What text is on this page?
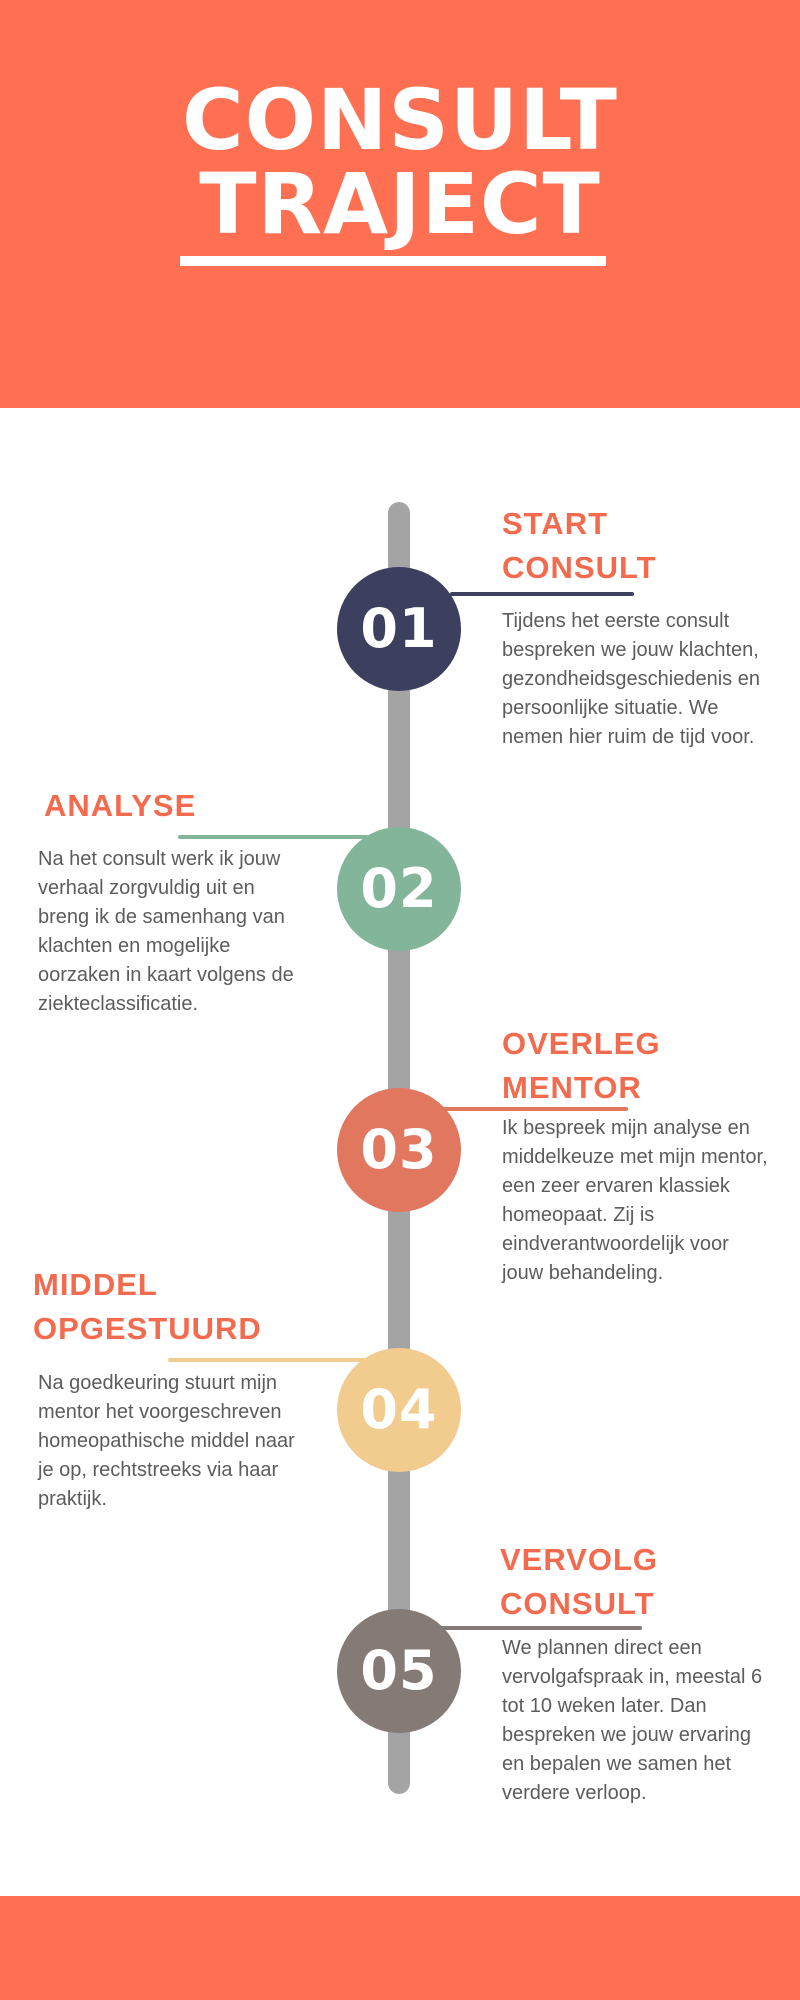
CONSULT
TRAJECT
01
START
CONSULT
Tijdens het eerste consult bespreken we jouw klachten, gezondheidsgeschiedenis en persoonlijke situatie. We nemen hier ruim de tijd voor.
02
ANALYSE
Na het consult werk ik jouw verhaal zorgvuldig uit en breng ik de samenhang van klachten en mogelijke oorzaken in kaart volgens de ziekteclassificatie.
03
OVERLEG
MENTOR
Ik bespreek mijn analyse en middelkeuze met mijn mentor, een zeer ervaren klassiek homeopaat. Zij is eindverantwoordelijk voor jouw behandeling.
04
MIDDEL
OPGESTUURD
Na goedkeuring stuurt mijn mentor het voorgeschreven homeopathische middel naar je op, rechtstreeks via haar praktijk.
05
VERVOLG
CONSULT
We plannen direct een vervolgafspraak in, meestal 6 tot 10 weken later. Dan bespreken we jouw ervaring en bepalen we samen het verdere verloop.
